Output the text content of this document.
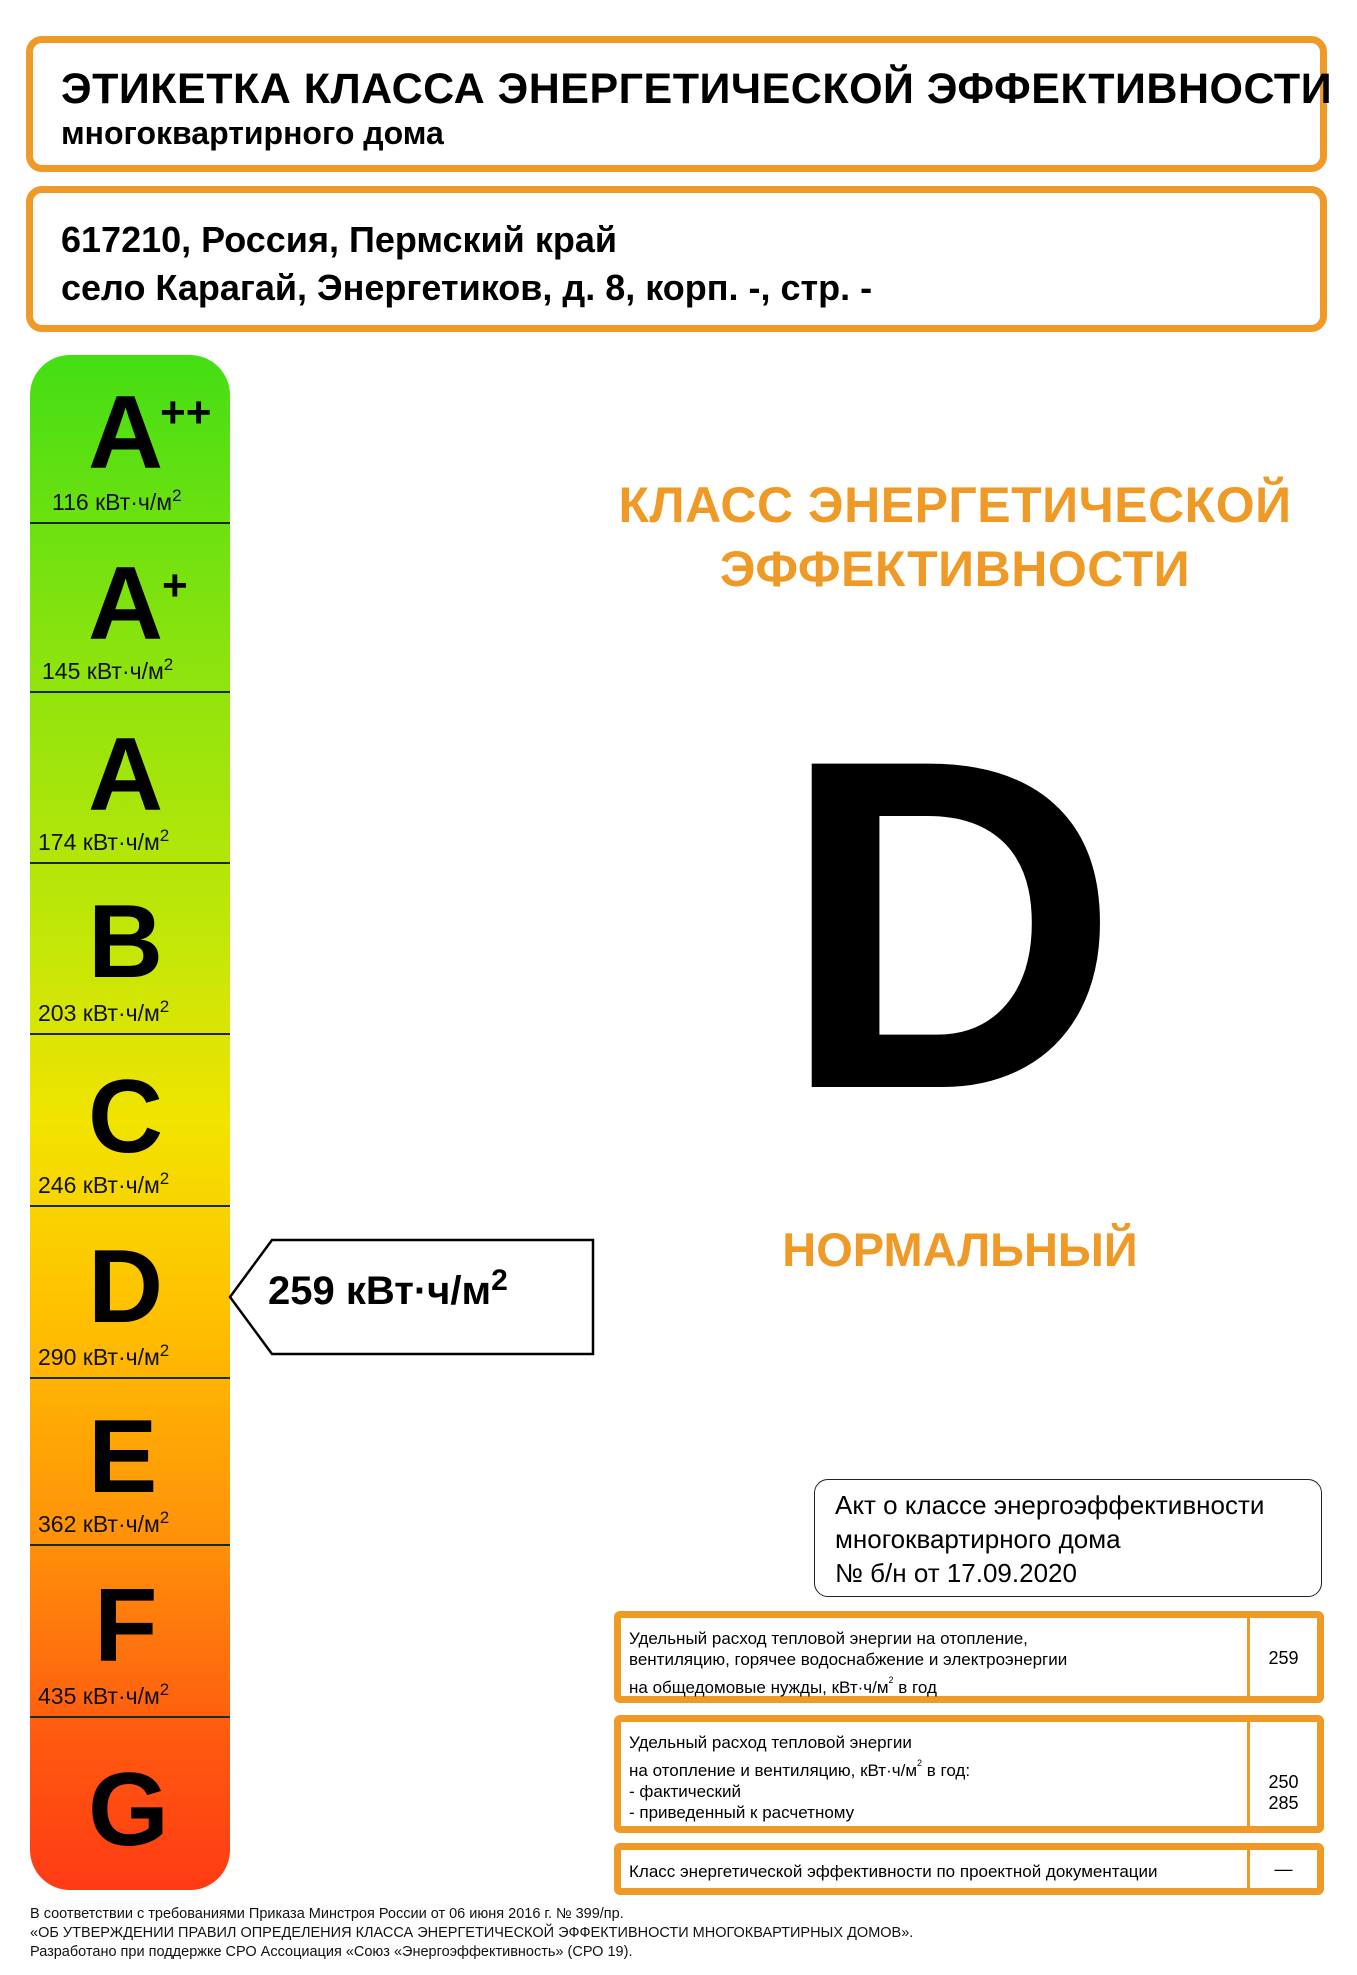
ЭТИКЕТКА КЛАССА ЭНЕРГЕТИЧЕСКОЙ ЭФФЕКТИВНОСТИ
многоквартирного дома
617210, Россия, Пермский край
село Карагай, Энергетиков, д. 8, корп. -, стр. -
A
++
116 $кВт\cdot ч/м^2$
A
+
145 $кВт\cdot ч/м^2$
A
174 $кВт\cdot ч/м^2$
B
203 $кВт\cdot ч/м^2$
C
246 $кВт\cdot ч/м^2$
D
290 $кВт\cdot ч/м^2$
E
362 $кВт\cdot ч/м^2$
F
435 $кВт\cdot ч/м^2$
G
259 $кВт\cdot ч/м^2$
КЛАСС ЭНЕРГЕТИЧЕСКОЙ
ЭФФЕКТИВНОСТИ
D
НОРМАЛЬНЫЙ
Акт о классе энергоэффективности
многоквартирного дома
№ б/н от 17.09.2020
Удельный расход тепловой энергии на отопление,
вентиляцию, горячее водоснабжение и электроэнергии
на общедомовые нужды, $кВт\cdot ч/м^2$ в год
259
Удельный расход тепловой энергии
на отопление и вентиляцию, $кВт\cdot ч/м^2$ в год:
- фактический
- приведенный к расчетному
250
285
Класс энергетической эффективности по проектной документации	—
В соответствии с требованиями Приказа Минстроя России от 06 июня 2016 г. № 399/пр.
«ОБ УТВЕРЖДЕНИИ ПРАВИЛ ОПРЕДЕЛЕНИЯ КЛАССА ЭНЕРГЕТИЧЕСКОЙ ЭФФЕКТИВНОСТИ МНОГОКВАРТИРНЫХ ДОМОВ».
Разработано при поддержке СРО Ассоциация «Союз «Энергоэффективность» (СРО 19).
